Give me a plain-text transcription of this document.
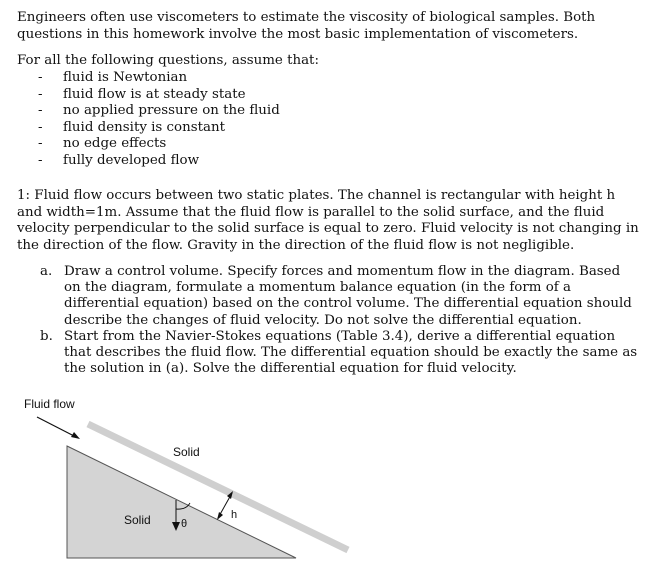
Engineers often use viscometers to estimate the viscosity of biological samples. Both questions in this homework involve the most basic implementation of viscometers.

For all the following questions, assume that:

- fluid is Newtonian
- fluid flow is at steady state
- no applied pressure on the fluid
- fluid density is constant
- no edge effects
- fully developed flow

1: Fluid flow occurs between two static plates. The channel is rectangular with height h and width=1m. Assume that the fluid flow is parallel to the solid surface, and the fluid velocity perpendicular to the solid surface is equal to zero. Fluid velocity is not changing in the direction of the flow. Gravity in the direction of the fluid flow is not negligible.

a. Draw a control volume. Specify forces and momentum flow in the diagram. Based on the diagram, formulate a momentum balance equation (in the form of a differential equation) based on the control volume. The differential equation should describe the changes of fluid velocity. Do not solve the differential equation.
b. Start from the Navier-Stokes equations (Table 3.4), derive a differential equation that describes the fluid flow. The differential equation should be exactly the same as the solution in (a). Solve the differential equation for fluid velocity.
Fluid flow
Solid
Solid	θ
h
